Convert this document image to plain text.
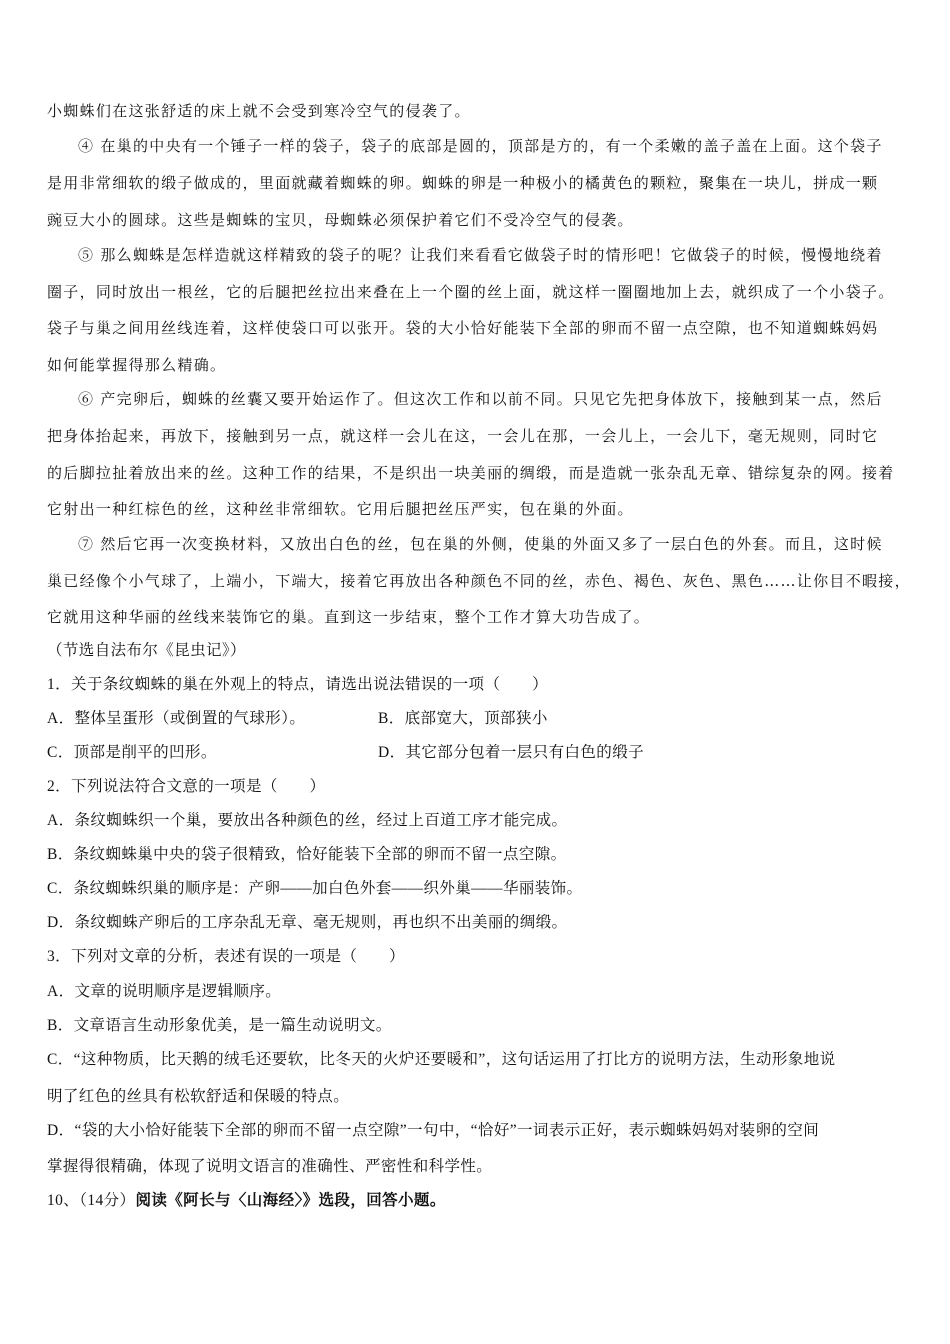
小蜘蛛们在这张舒适的床上就不会受到寒冷空气的侵袭了。
④ 在巢的中央有一个锤子一样的袋子，袋子的底部是圆的，顶部是方的，有一个柔嫩的盖子盖在上面。这个袋子
是用非常细软的缎子做成的，里面就藏着蜘蛛的卵。蜘蛛的卵是一种极小的橘黄色的颗粒，聚集在一块儿，拼成一颗
豌豆大小的圆球。这些是蜘蛛的宝贝，母蜘蛛必须保护着它们不受冷空气的侵袭。
⑤ 那么蜘蛛是怎样造就这样精致的袋子的呢？让我们来看看它做袋子时的情形吧！它做袋子的时候，慢慢地绕着
圈子，同时放出一根丝，它的后腿把丝拉出来叠在上一个圈的丝上面，就这样一圈圈地加上去，就织成了一个小袋子。
袋子与巢之间用丝线连着，这样使袋口可以张开。袋的大小恰好能装下全部的卵而不留一点空隙，也不知道蜘蛛妈妈
如何能掌握得那么精确。
⑥ 产完卵后，蜘蛛的丝囊又要开始运作了。但这次工作和以前不同。只见它先把身体放下，接触到某一点，然后
把身体抬起来，再放下，接触到另一点，就这样一会儿在这，一会儿在那，一会儿上，一会儿下，毫无规则，同时它
的后脚拉扯着放出来的丝。这种工作的结果，不是织出一块美丽的绸缎，而是造就一张杂乱无章、错综复杂的网。接着
它射出一种红棕色的丝，这种丝非常细软。它用后腿把丝压严实，包在巢的外面。
⑦ 然后它再一次变换材料，又放出白色的丝，包在巢的外侧，使巢的外面又多了一层白色的外套。而且，这时候
巢已经像个小气球了，上端小，下端大，接着它再放出各种颜色不同的丝，赤色、褐色、灰色、黑色……让你目不暇接，
它就用这种华丽的丝线来装饰它的巢。直到这一步结束，整个工作才算大功告成了。
（节选自法布尔《昆虫记》）
1．关于条纹蜘蛛的巢在外观上的特点，请选出说法错误的一项（　　）
A．整体呈蛋形（或倒置的气球形）。	B．底部宽大，顶部狭小
C．顶部是削平的凹形。	D．其它部分包着一层只有白色的缎子
2．下列说法符合文意的一项是（　　）
A．条纹蜘蛛织一个巢，要放出各种颜色的丝，经过上百道工序才能完成。
B．条纹蜘蛛巢中央的袋子很精致，恰好能装下全部的卵而不留一点空隙。
C．条纹蜘蛛织巢的顺序是：产卵——加白色外套——织外巢——华丽装饰。
D．条纹蜘蛛产卵后的工序杂乱无章、毫无规则，再也织不出美丽的绸缎。
3．下列对文章的分析，表述有误的一项是（　　）
A．文章的说明顺序是逻辑顺序。
B．文章语言生动形象优美，是一篇生动说明文。
C．“这种物质，比天鹅的绒毛还要软，比冬天的火炉还要暖和”，这句话运用了打比方的说明方法，生动形象地说
明了红色的丝具有松软舒适和保暖的特点。
D．“袋的大小恰好能装下全部的卵而不留一点空隙”一句中，“恰好”一词表示正好，表示蜘蛛妈妈对装卵的空间
掌握得很精确，体现了说明文语言的准确性、严密性和科学性。
10、（14分）阅读《阿长与〈山海经〉》选段，回答小题。
